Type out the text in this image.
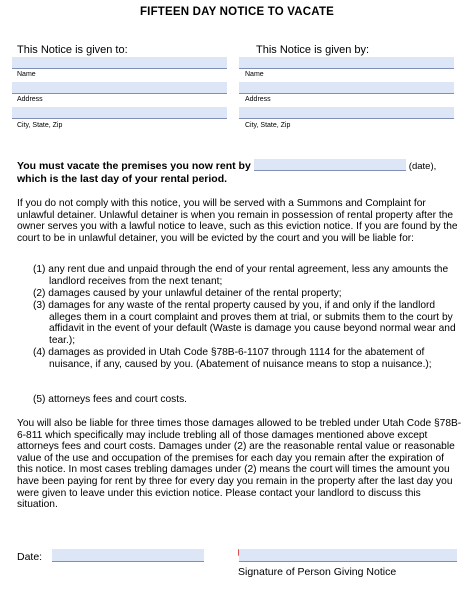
FIFTEEN DAY NOTICE TO VACATE
This Notice is given to:
Name
Address
City, State, Zip
This Notice is given by:
Name
Address
City, State, Zip
You must vacate the premises you now rent by	(date),
which is the last day of your rental period.
If you do not comply with this notice, you will be served with a Summons and Complaint for unlawful detainer. Unlawful detainer is when you remain in possession of rental property after the owner serves you with a lawful notice to leave, such as this eviction notice. If you are found by the court to be in unlawful detainer, you will be evicted by the court and you will be liable for:
(1) any rent due and unpaid through the end of your rental agreement, less any amounts the landlord receives from the next tenant;
(2) damages caused by your unlawful detainer of the rental property;
(3) damages for any waste of the rental property caused by you, if and only if the landlord alleges them in a court complaint and proves them at trial, or submits them to the court by affidavit in the event of your default (Waste is damage you cause beyond normal wear and tear.);
(4) damages as provided in Utah Code §78B-6-1107 through 1114 for the abatement of nuisance, if any, caused by you. (Abatement of nuisance means to stop a nuisance.);
(5) attorneys fees and court costs.
You will also be liable for three times those damages allowed to be trebled under Utah Code §78B-6-811 which specifically may include trebling all of those damages mentioned above except attorneys fees and court costs. Damages under (2) are the reasonable rental value or reasonable value of the use and occupation of the premises for each day you remain after the expiration of this notice. In most cases trebling damages under (2) means the court will times the amount you have been paying for rent by three for every day you remain in the property after the last day you were given to leave under this eviction notice. Please contact your landlord to discuss this situation.
Date:
Signature of Person Giving Notice
